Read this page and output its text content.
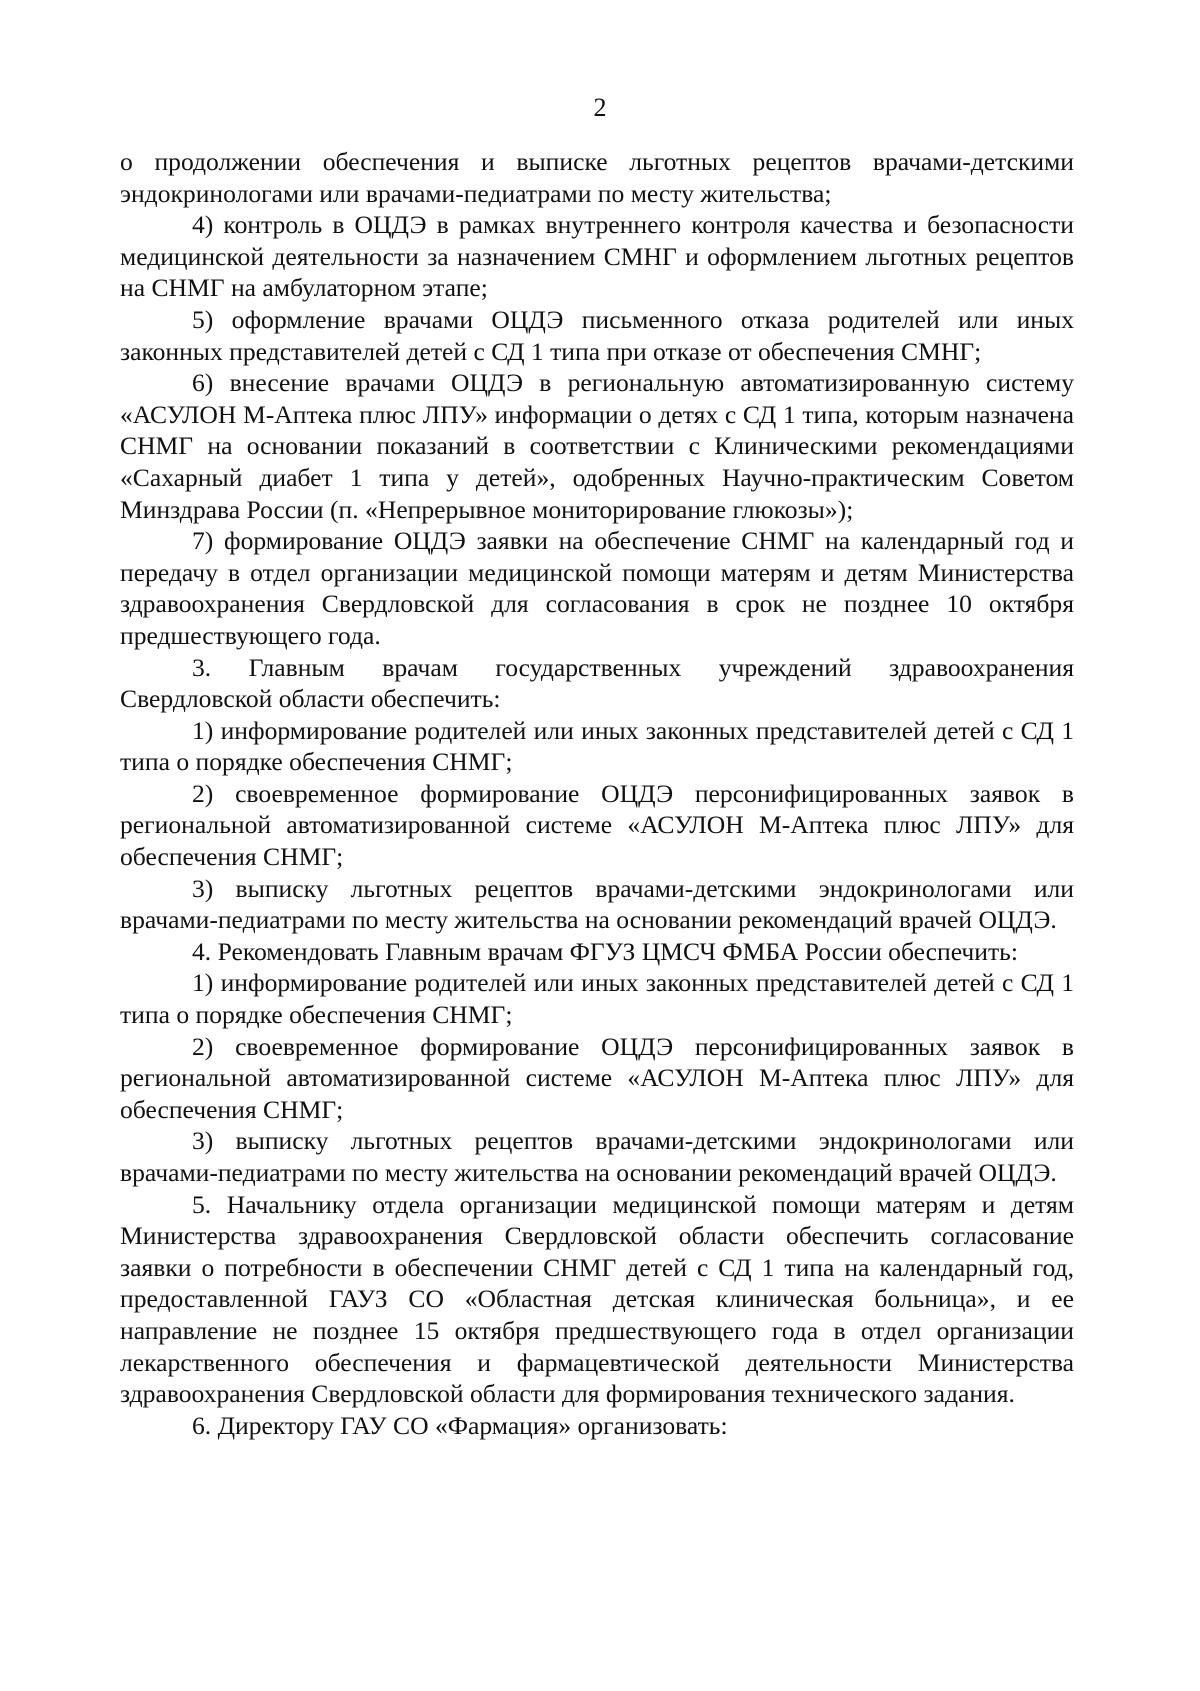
2

о продолжении обеспечения и выписке льготных рецептов врачами-детскими эндокринологами или врачами-педиатрами по месту жительства;

4) контроль в ОЦДЭ в рамках внутреннего контроля качества и безопасности медицинской деятельности за назначением СМНГ и оформлением льготных рецептов на СНМГ на амбулаторном этапе;

5) оформление врачами ОЦДЭ письменного отказа родителей или иных законных представителей детей с СД 1 типа при отказе от обеспечения СМНГ;

6) внесение врачами ОЦДЭ в региональную автоматизированную систему «АСУЛОН М-Аптека плюс ЛПУ» информации о детях с СД 1 типа, которым назначена СНМГ на основании показаний в соответствии с Клиническими рекомендациями «Сахарный диабет 1 типа у детей», одобренных Научно-практическим Советом Минздрава России (п. «Непрерывное мониторирование глюкозы»);

7) формирование ОЦДЭ заявки на обеспечение СНМГ на календарный год и передачу в отдел организации медицинской помощи матерям и детям Министерства здравоохранения Свердловской для согласования в срок не позднее 10 октября предшествующего года.

3. Главным врачам государственных учреждений здравоохранения Свердловской области обеспечить:

1) информирование родителей или иных законных представителей детей с СД 1 типа о порядке обеспечения СНМГ;

2) своевременное формирование ОЦДЭ персонифицированных заявок в региональной автоматизированной системе «АСУЛОН М-Аптека плюс ЛПУ» для обеспечения СНМГ;

3) выписку льготных рецептов врачами-детскими эндокринологами или врачами-педиатрами по месту жительства на основании рекомендаций врачей ОЦДЭ.

4. Рекомендовать Главным врачам ФГУЗ ЦМСЧ ФМБА России обеспечить:

1) информирование родителей или иных законных представителей детей с СД 1 типа о порядке обеспечения СНМГ;

2) своевременное формирование ОЦДЭ персонифицированных заявок в региональной автоматизированной системе «АСУЛОН М-Аптека плюс ЛПУ» для обеспечения СНМГ;

3) выписку льготных рецептов врачами-детскими эндокринологами или врачами-педиатрами по месту жительства на основании рекомендаций врачей ОЦДЭ.

5. Начальнику отдела организации медицинской помощи матерям и детям Министерства здравоохранения Свердловской области обеспечить согласование заявки о потребности в обеспечении СНМГ детей с СД 1 типа на календарный год, предоставленной ГАУЗ СО «Областная детская клиническая больница», и ее направление не позднее 15 октября предшествующего года в отдел организации лекарственного обеспечения и фармацевтической деятельности Министерства здравоохранения Свердловской области для формирования технического задания.

6. Директору ГАУ СО «Фармация» организовать:
